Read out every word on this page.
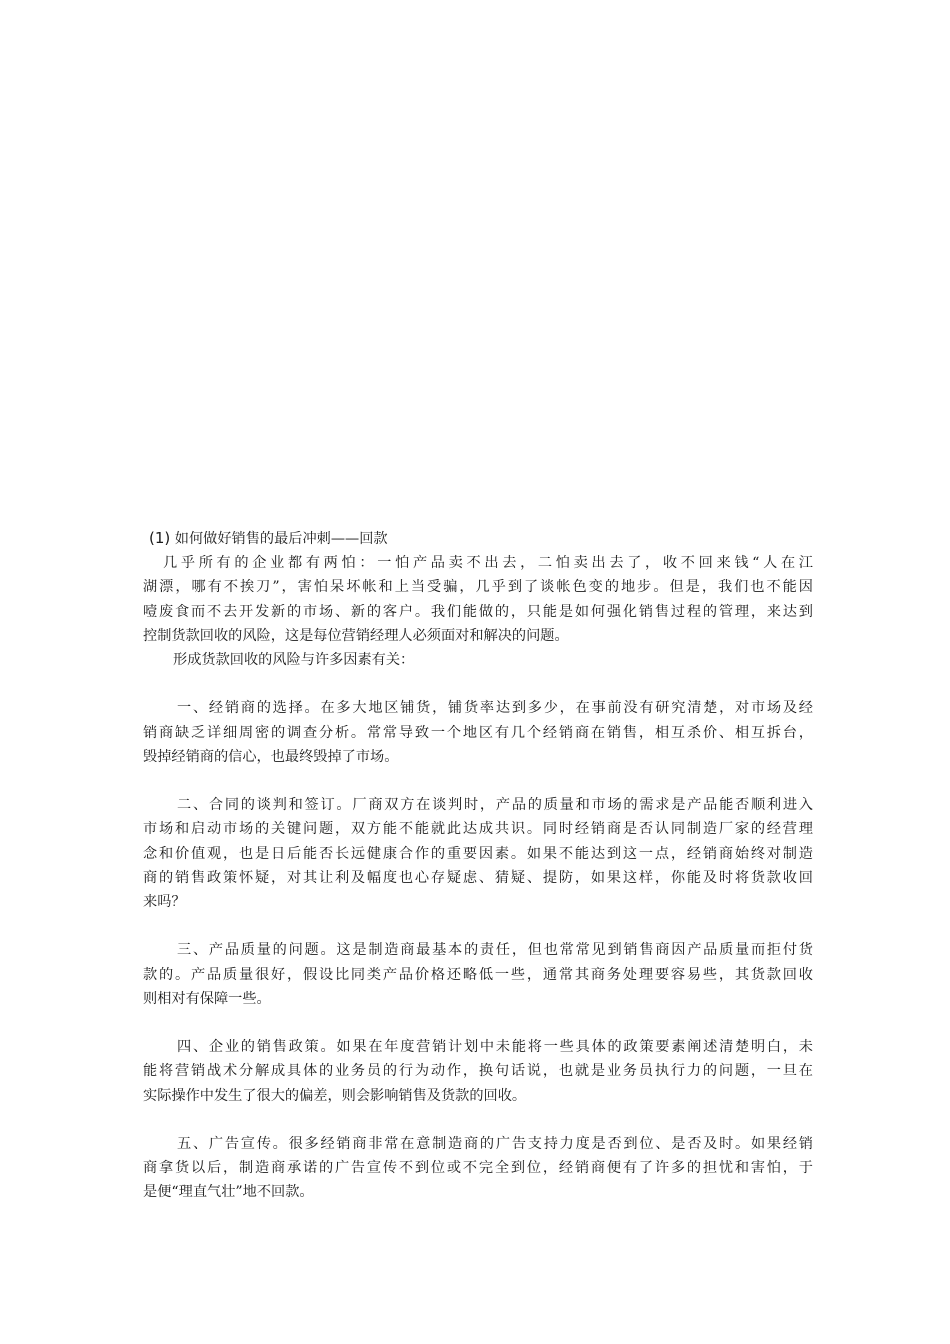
(1) 如何做好销售的最后冲刺——回款

几乎所有的企业都有两怕：一怕产品卖不出去，二怕卖出去了，收不回来钱“人在江
湖漂，哪有不挨刀”，害怕呆坏帐和上当受骗，几乎到了谈帐色变的地步。但是，我们也不能因
噎废食而不去开发新的市场、新的客户。我们能做的，只能是如何强化销售过程的管理，来达到
控制货款回收的风险，这是每位营销经理人必须面对和解决的问题。

形成货款回收的风险与许多因素有关：

一、经销商的选择。在多大地区铺货，铺货率达到多少，在事前没有研究清楚，对市场及经
销商缺乏详细周密的调查分析。常常导致一个地区有几个经销商在销售，相互杀价、相互拆台，
毁掉经销商的信心，也最终毁掉了市场。

二、合同的谈判和签订。厂商双方在谈判时，产品的质量和市场的需求是产品能否顺利进入
市场和启动市场的关键问题，双方能不能就此达成共识。同时经销商是否认同制造厂家的经营理
念和价值观，也是日后能否长远健康合作的重要因素。如果不能达到这一点，经销商始终对制造
商的销售政策怀疑，对其让利及幅度也心存疑虑、猜疑、提防，如果这样，你能及时将货款收回
来吗？

三、产品质量的问题。这是制造商最基本的责任，但也常常见到销售商因产品质量而拒付货
款的。产品质量很好，假设比同类产品价格还略低一些，通常其商务处理要容易些，其货款回收
则相对有保障一些。

四、企业的销售政策。如果在年度营销计划中未能将一些具体的政策要素阐述清楚明白，未
能将营销战术分解成具体的业务员的行为动作，换句话说，也就是业务员执行力的问题，一旦在
实际操作中发生了很大的偏差，则会影响销售及货款的回收。

五、广告宣传。很多经销商非常在意制造商的广告支持力度是否到位、是否及时。如果经销
商拿货以后，制造商承诺的广告宣传不到位或不完全到位，经销商便有了许多的担忧和害怕，于
是便“理直气壮”地不回款。
